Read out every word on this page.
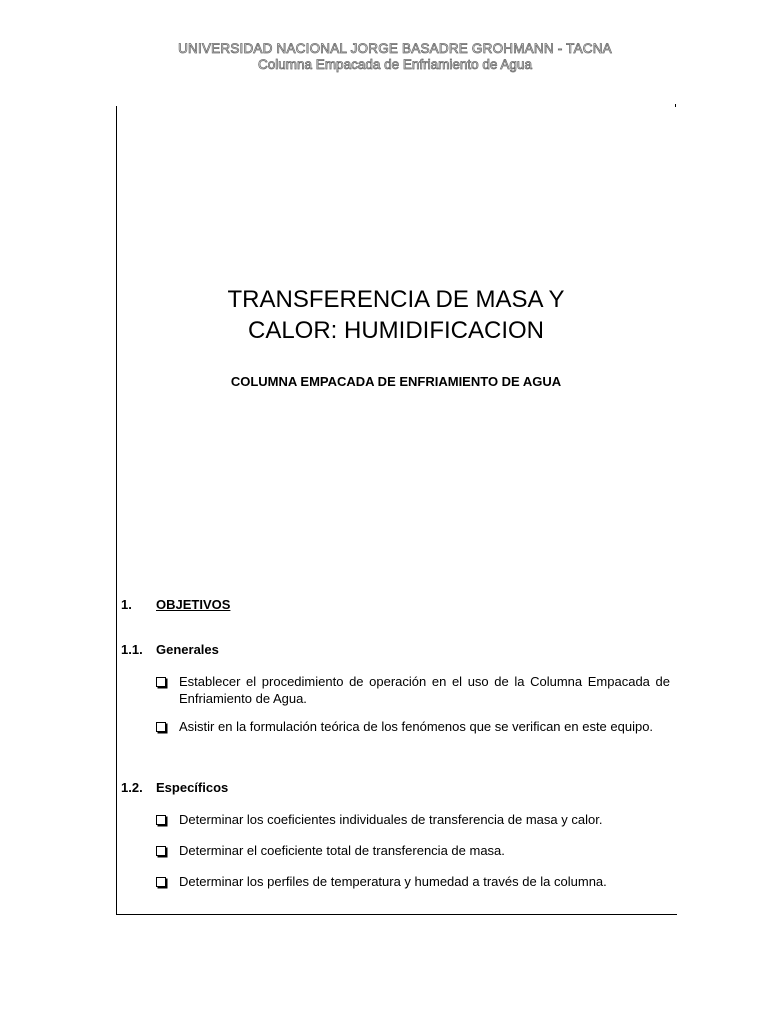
UNIVERSIDAD NACIONAL JORGE BASADRE GROHMANN - TACNA
Columna Empacada de Enfriamiento de Agua
TRANSFERENCIA DE MASA Y
CALOR: HUMIDIFICACION
COLUMNA EMPACADA DE ENFRIAMIENTO DE AGUA
1. OBJETIVOS
1.1. Generales
Establecer el procedimiento de operación en el uso de la Columna Empacada de Enfriamiento de Agua.
Asistir en la formulación teórica de los fenómenos que se verifican en este equipo.
1.2. Específicos
Determinar los coeficientes individuales de transferencia de masa y calor.
Determinar el coeficiente total de transferencia de masa.
Determinar los perfiles de temperatura y humedad a través de la columna.
